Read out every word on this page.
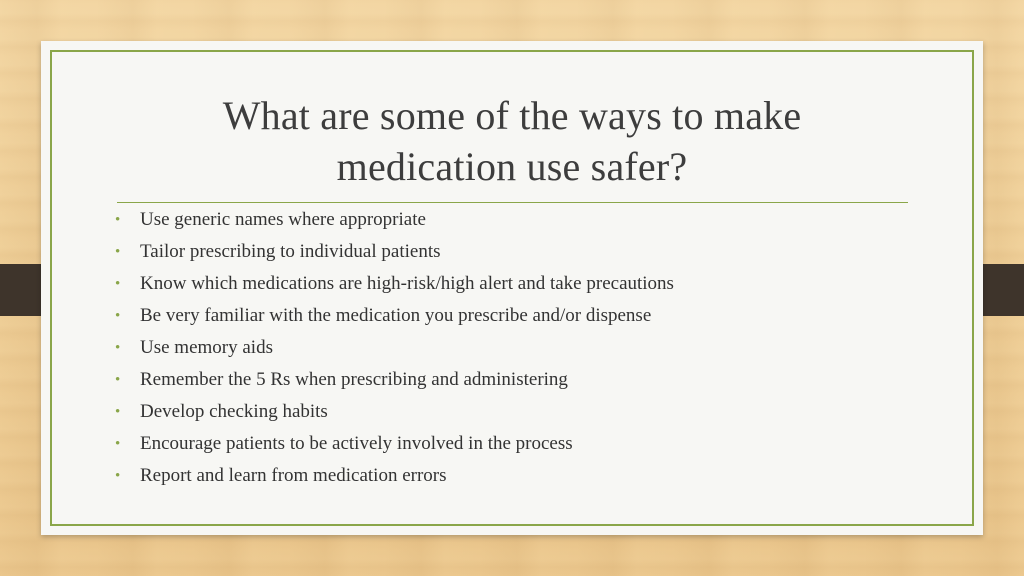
What are some of the ways to make
medication use safer?
• Use generic names where appropriate
• Tailor prescribing to individual patients
• Know which medications are high-risk/high alert and take precautions
• Be very familiar with the medication you prescribe and/or dispense
• Use memory aids
• Remember the 5 Rs when prescribing and administering
• Develop checking habits
• Encourage patients to be actively involved in the process
• Report and learn from medication errors
